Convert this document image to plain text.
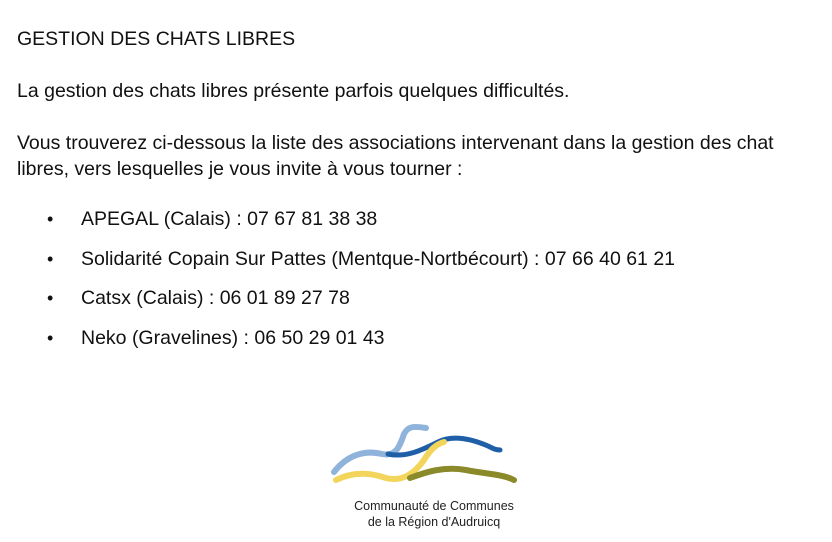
GESTION DES CHATS LIBRES

La gestion des chats libres présente parfois quelques difficultés.

Vous trouverez ci-dessous la liste des associations intervenant dans la gestion des chat libres, vers lesquelles je vous invite à vous tourner :

• APEGAL (Calais) : 07 67 81 38 38
• Solidarité Copain Sur Pattes (Mentque-Nortbécourt) : 07 66 40 61 21
• Catsx (Calais) : 06 01 89 27 78
• Neko (Gravelines) : 06 50 29 01 43
Communauté de Communes
de la Région d'Audruicq
